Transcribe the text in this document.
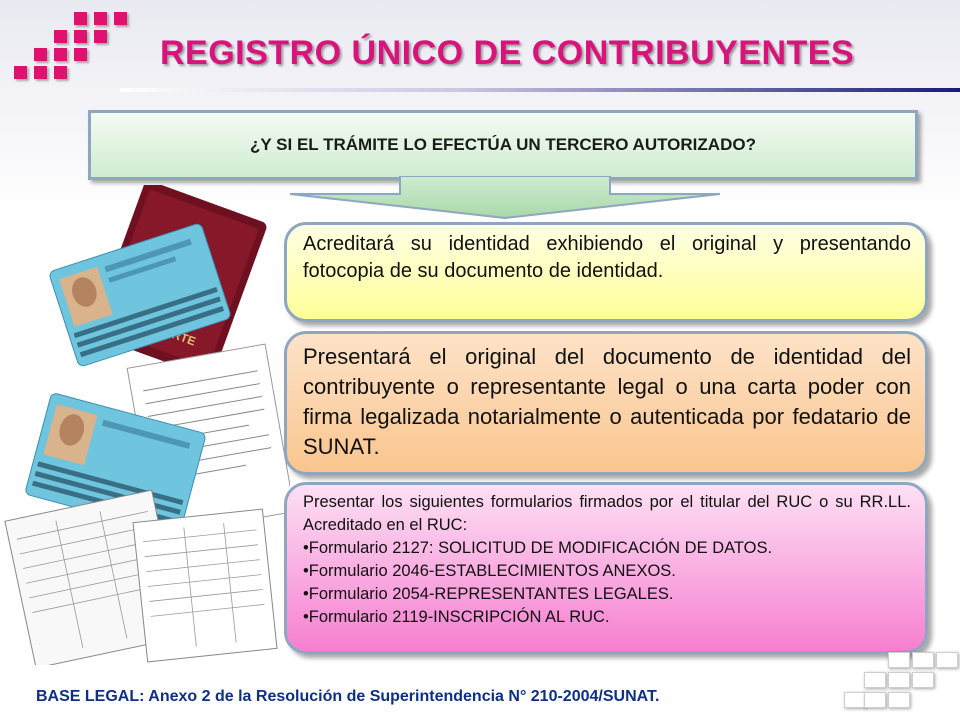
REGISTRO ÚNICO DE CONTRIBUYENTES
¿Y SI EL TRÁMITE LO EFECTÚA UN TERCERO AUTORIZADO?
Acreditará su identidad exhibiendo el original y presentando fotocopia de su documento de identidad.
Presentará el original del documento de identidad del contribuyente o representante legal o una carta poder con firma legalizada notarialmente o autenticada por fedatario de SUNAT.
Presentar los siguientes formularios firmados por el titular del RUC o su RR.LL. Acreditado en el RUC:
•Formulario 2127: SOLICITUD DE MODIFICACIÓN DE DATOS.
•Formulario 2046-ESTABLECIMIENTOS ANEXOS.
•Formulario 2054-REPRESENTANTES LEGALES.
•Formulario 2119-INSCRIPCIÓN AL RUC.
BASE LEGAL: Anexo 2 de la Resolución de Superintendencia N° 210-2004/SUNAT.
